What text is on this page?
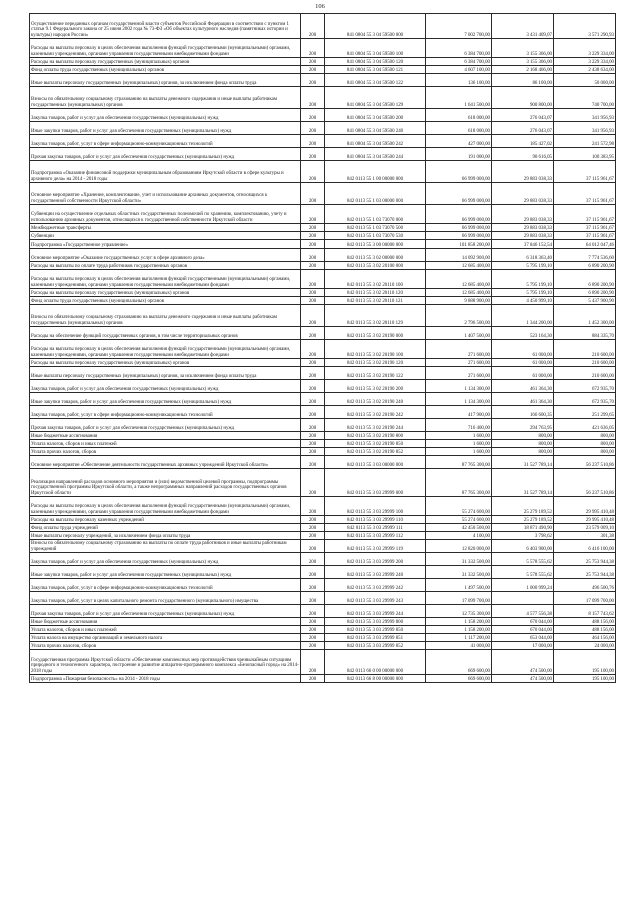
106
Осуществление переданных органам государственной власти субъектов Российской Федерации в соответствии с пунктом 1 статьи 9.1 Федерального закона от 25 июня 2002 года № 73-ФЗ «Об объектах культурного наследия (памятниках истории и культуры) народов России»	200	841 0804 55 3 04 59500 000	7 002 700,00	3 431 409,07	3 571 290,93
Расходы на выплаты персоналу в целях обеспечения выполнения функций государственными (муниципальными) органами, казенными учреждениями, органами управления государственными внебюджетными фондами	200	841 0804 55 3 04 59500 100	6 384 700,00	3 155 366,00	3 229 334,00
Расходы на выплаты персоналу государственных (муниципальных) органов	200	841 0804 55 3 04 59500 120	6 384 700,00	3 155 366,00	3 229 334,00
Фонд оплаты труда государственных (муниципальных) органов	200	841 0804 55 3 04 59500 121	4 607 100,00	2 168 466,00	2 438 634,00
Иные выплаты персоналу государственных (муниципальных) органов, за исключением фонда оплаты труда	200	841 0804 55 3 04 59500 122	136 100,00	86 100,00	50 000,00
Взносы по обязательному социальному страхованию на выплаты денежного содержания и иные выплаты работникам государственных (муниципальных) органов	200	841 0804 55 3 04 59500 129	1 641 500,00	900 800,00	740 700,00
Закупка товаров, работ и услуг для обеспечения государственных (муниципальных) нужд	200	841 0804 55 3 04 59500 200	618 000,00	276 043,07	341 956,93
Иные закупки товаров, работ и услуг для обеспечения государственных (муниципальных) нужд	200	841 0804 55 3 04 59500 240	618 000,00	276 043,07	341 956,93
Закупка товаров, работ, услуг в сфере информационно-коммуникационных технологий	200	841 0804 55 3 04 59500 242	427 000,00	185 427,02	241 572,98
Прочая закупка товаров, работ и услуг для обеспечения государственных (муниципальных) нужд	200	841 0804 55 3 04 59500 244	191 000,00	90 616,05	100 383,95
Подпрограмма «Оказание финансовой поддержки муниципальным образованиям Иркутской области в сфере культуры и архивного дела» на 2014 - 2018 годы	200	842 0113 55 1 00 00000 000	66 999 000,00	29 883 038,33	37 115 961,67
Основное мероприятие «Хранение, комплектование, учет и использование архивных документов, относящихся к государственной собственности Иркутской области»	200	842 0113 55 1 03 00000 000	66 999 000,00	29 883 038,33	37 115 961,67
Субвенции на осуществление отдельных областных государственных полномочий по хранению, комплектованию, учету и использованию архивных документов, относящихся к государственной собственности Иркутской области	200	842 0113 55 1 03 73070 000	66 999 000,00	29 883 038,33	37 115 961,67
Межбюджетные трансферты	200	842 0113 55 1 03 73070 500	66 999 000,00	29 883 038,33	37 115 961,67
Субвенции	200	842 0113 55 1 03 73070 530	66 999 000,00	29 883 038,33	37 115 961,67
Подпрограмма «Государственное управление»	200	842 0113 55 3 00 00000 000	101 858 200,00	37 846 152,54	64 012 047,46
Основное мероприятие «Оказание государственных услуг в сфере архивного дела»	200	842 0113 55 3 02 00000 000	14 092 900,00	6 318 363,40	7 774 536,60
Расходы на выплаты по оплате труда работников государственных органов	200	842 0113 55 3 02 20100 000	12 685 400,00	5 795 199,10	6 890 200,90
Расходы на выплаты персоналу в целях обеспечения выполнения функций государственными (муниципальными) органами, казенными учреждениями, органами управления государственными внебюджетными фондами	200	842 0113 55 3 02 20110 100	12 685 400,00	5 795 199,10	6 890 200,90
Расходы на выплаты персоналу государственных (муниципальных) органов	200	842 0113 55 3 02 20110 120	12 685 400,00	5 795 199,10	6 890 200,90
Фонд оплаты труда государственных (муниципальных) органов	200	842 0113 55 3 02 20110 121	9 888 900,00	4 450 999,10	5 437 900,90
Взносы по обязательному социальному страхованию на выплаты денежного содержания и иные выплаты работникам государственных (муниципальных) органов	200	842 0113 55 3 02 20110 129	2 796 500,00	1 344 200,00	1 452 300,00
Расходы на обеспечение функций государственных органов, в том числе территориальных органов	200	842 0113 55 3 02 20190 000	1 407 500,00	523 164,30	884 335,70
Расходы на выплаты персоналу в целях обеспечения выполнения функций государственными (муниципальными) органами, казенными учреждениями, органами управления государственными внебюджетными фондами	200	842 0113 55 3 02 20190 100	271 600,00	61 000,00	210 600,00
Расходы на выплаты персоналу государственных (муниципальных) органов	200	842 0113 55 3 02 20190 120	271 600,00	61 000,00	210 600,00
Иные выплаты персоналу государственных (муниципальных) органов, за исключением фонда оплаты труда	200	842 0113 55 3 02 20190 122	271 600,00	61 000,00	210 600,00
Закупка товаров, работ и услуг для обеспечения государственных (муниципальных) нужд	200	842 0113 55 3 02 20190 200	1 134 300,00	461 364,30	672 935,70
Иные закупки товаров, работ и услуг для обеспечения государственных (муниципальных) нужд	200	842 0113 55 3 02 20190 240	1 134 300,00	461 364,30	672 935,70
Закупка товаров, работ, услуг в сфере информационно-коммуникационных технологий	200	842 0113 55 3 02 20190 242	417 900,00	166 600,35	251 299,65
Прочая закупка товаров, работ и услуг для обеспечения государственных (муниципальных) нужд	200	842 0113 55 3 02 20190 244	716 400,00	294 763,95	421 636,05
Иные бюджетные ассигнования	200	842 0113 55 3 02 20190 800	1 600,00	800,00	800,00
Уплата налогов, сборов и иных платежей	200	842 0113 55 3 02 20190 850	1 600,00	800,00	800,00
Уплата прочих налогов, сборов	200	842 0113 55 3 02 20190 852	1 600,00	800,00	800,00
Основное мероприятие «Обеспечение деятельности государственных архивных учреждений Иркутской области»	200	842 0113 55 3 03 00000 000	87 765 300,00	31 527 789,14	56 237 510,86
Реализация направлений расходов основного мероприятия и (или) ведомственной целевой программы, подпрограммы государственной программы Иркутской области, а также непрограммных направлений расходов государственных органов Иркутской области	200	842 0113 55 3 03 29999 000	87 765 300,00	31 527 789,14	56 237 510,86
Расходы на выплаты персоналу в целях обеспечения выполнения функций государственными (муниципальными) органами, казенными учреждениями, органами управления государственными внебюджетными фондами	200	842 0113 55 3 03 29999 100	55 274 600,00	25 279 189,52	29 995 410,48
Расходы на выплаты персоналу казенных учреждений	200	842 0113 55 3 03 29999 110	55 274 600,00	25 279 189,52	29 995 410,48
Фонд оплаты труда учреждений	200	842 0113 55 3 03 29999 111	42 450 500,00	18 871 490,90	23 579 009,10
Иные выплаты персоналу учреждений, за исключением фонда оплаты труда	200	842 0113 55 3 03 29999 112	4 100,00	3 798,62	301,38
Взносы по обязательному социальному страхованию на выплаты по оплате труда работников и иные выплаты работникам учреждений	200	842 0113 55 3 03 29999 119	12 820 000,00	6 403 900,00	6 416 100,00
Закупка товаров, работ и услуг для обеспечения государственных (муниципальных) нужд	200	842 0113 55 3 03 29999 200	31 332 500,00	5 578 555,62	25 753 944,38
Иные закупки товаров, работ и услуг для обеспечения государственных (муниципальных) нужд	200	842 0113 55 3 03 29999 240	31 332 500,00	5 578 555,62	25 753 944,38
Закупка товаров, работ, услуг в сфере информационно-коммуникационных технологий	200	842 0113 55 3 03 29999 242	1 497 500,00	1 000 999,24	496 500,76
Закупка товаров, работ, услуг в целях капитального ремонта государственного (муниципального) имущества	200	842 0113 55 3 03 29999 243	17 099 700,00		17 099 700,00
Прочая закупка товаров, работ и услуг для обеспечения государственных (муниципальных) нужд	200	842 0113 55 3 03 29999 244	12 735 300,00	4 577 556,38	8 157 743,62
Иные бюджетные ассигнования	200	842 0113 55 3 03 29999 800	1 158 200,00	670 044,00	488 156,00
Уплата налогов, сборов и иных платежей	200	842 0113 55 3 03 29999 850	1 158 200,00	670 044,00	488 156,00
Уплата налога на имущество организаций и земельного налога	200	842 0113 55 3 03 29999 851	1 117 200,00	653 044,00	464 156,00
Уплата прочих налогов, сборов	200	842 0113 55 3 03 29999 852	41 000,00	17 000,00	24 000,00
Государственная программа Иркутской области «Обеспечение комплексных мер противодействия чрезвычайным ситуациям природного и техногенного характера, построение и развитие аппаратно-программного комплекса «Безопасный город» на 2014-2018 годы	200	842 0113 66 0 00 00000 000	669 600,00	474 500,00	195 100,00
Подпрограмма «Пожарная безопасность» на 2014 - 2018 годы	200	842 0113 66 8 00 00000 000	669 600,00	474 500,00	195 100,00
